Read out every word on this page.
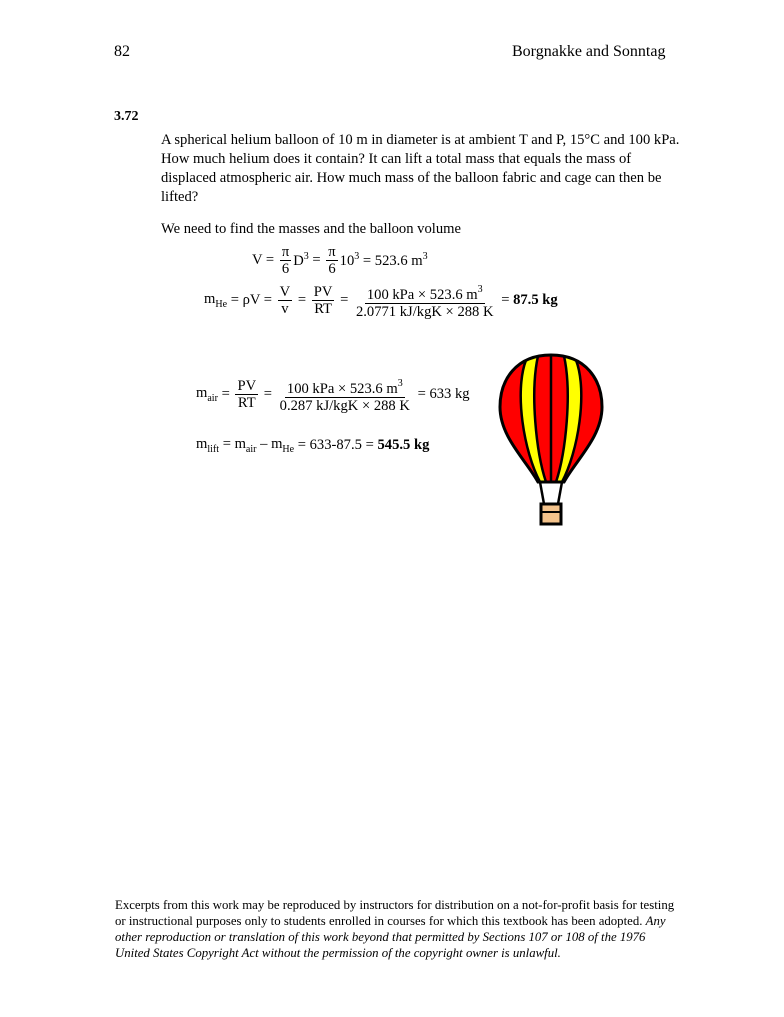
82	Borgnakke and Sonntag
3.72
A spherical helium balloon of 10 m in diameter is at ambient T and P, 15°C and 100 kPa. How much helium does it contain? It can lift a total mass that equals the mass of displaced atmospheric air. How much mass of the balloon fabric and cage can then be lifted?
We need to find the masses and the balloon volume
$V = \frac{\pi}{6} D^3 = \frac{\pi}{6} 10^3 = 523.6$ $m^3$
$m_{He} = \rho V = \frac{V}{v} = \frac{PV}{RT} = \frac{100 kPa \times 523.6 m^3}{\text{2.0771 kJ/kgK × 288 K}} = 87.5$ kg
$m_{air} = \frac{PV}{RT} = \frac{100 kPa \times 523.6 m^3}{\text{0.287 kJ/kgK × 288 K}} = 633$ kg
$m_{lift} = m_{air} - m_{He} = 633-87.5 = 545.5$ kg
Excerpts from this work may be reproduced by instructors for distribution on a not-for-profit basis for testing or instructional purposes only to students enrolled in courses for which this textbook has been adopted. Any other reproduction or translation of this work beyond that permitted by Sections 107 or 108 of the 1976 United States Copyright Act without the permission of the copyright owner is unlawful.
